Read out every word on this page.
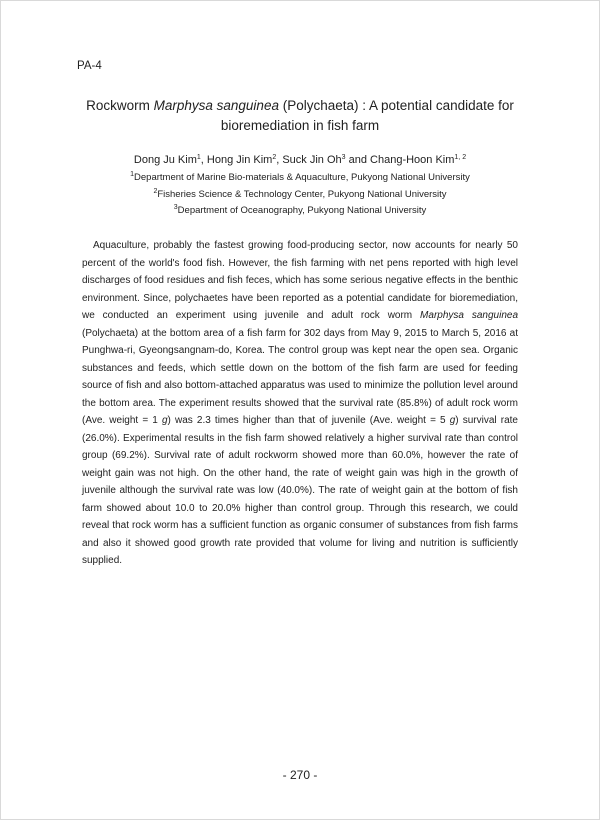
PA-4
Rockworm Marphysa sanguinea (Polychaeta) : A potential candidate for
bioremediation in fish farm
Dong Ju Kim$^1$, Hong Jin Kim$^2$, Suck Jin Oh$^3$ and Chang-Hoon Kim$^{1, 2}$
$^1$Department of Marine Bio-materials & Aquaculture, Pukyong National University
$^2$Fisheries Science & Technology Center, Pukyong National University
$^3$Department of Oceanography, Pukyong National University
Aquaculture, probably the fastest growing food-producing sector, now accounts for nearly 50 percent of the world's food fish. However, the fish farming with net pens reported with high level discharges of food residues and fish feces, which has some serious negative effects in the benthic environment. Since, polychaetes have been reported as a potential candidate for bioremediation, we conducted an experiment using juvenile and adult rock worm Marphysa sanguinea (Polychaeta) at the bottom area of a fish farm for 302 days from May 9, 2015 to March 5, 2016 at Punghwa-ri, Gyeongsangnam-do, Korea. The control group was kept near the open sea. Organic substances and feeds, which settle down on the bottom of the fish farm are used for feeding source of fish and also bottom-attached apparatus was used to minimize the pollution level around the bottom area. The experiment results showed that the survival rate (85.8%) of adult rock worm (Ave. weight = 1 g) was 2.3 times higher than that of juvenile (Ave. weight = 5 g) survival rate (26.0%). Experimental results in the fish farm showed relatively a higher survival rate than control group (69.2%). Survival rate of adult rockworm showed more than 60.0%, however the rate of weight gain was not high. On the other hand, the rate of weight gain was high in the growth of juvenile although the survival rate was low (40.0%). The rate of weight gain at the bottom of fish farm showed about 10.0 to 20.0% higher than control group. Through this research, we could reveal that rock worm has a sufficient function as organic consumer of substances from fish farms and also it showed good growth rate provided that volume for living and nutrition is sufficiently supplied.
- 270 -
